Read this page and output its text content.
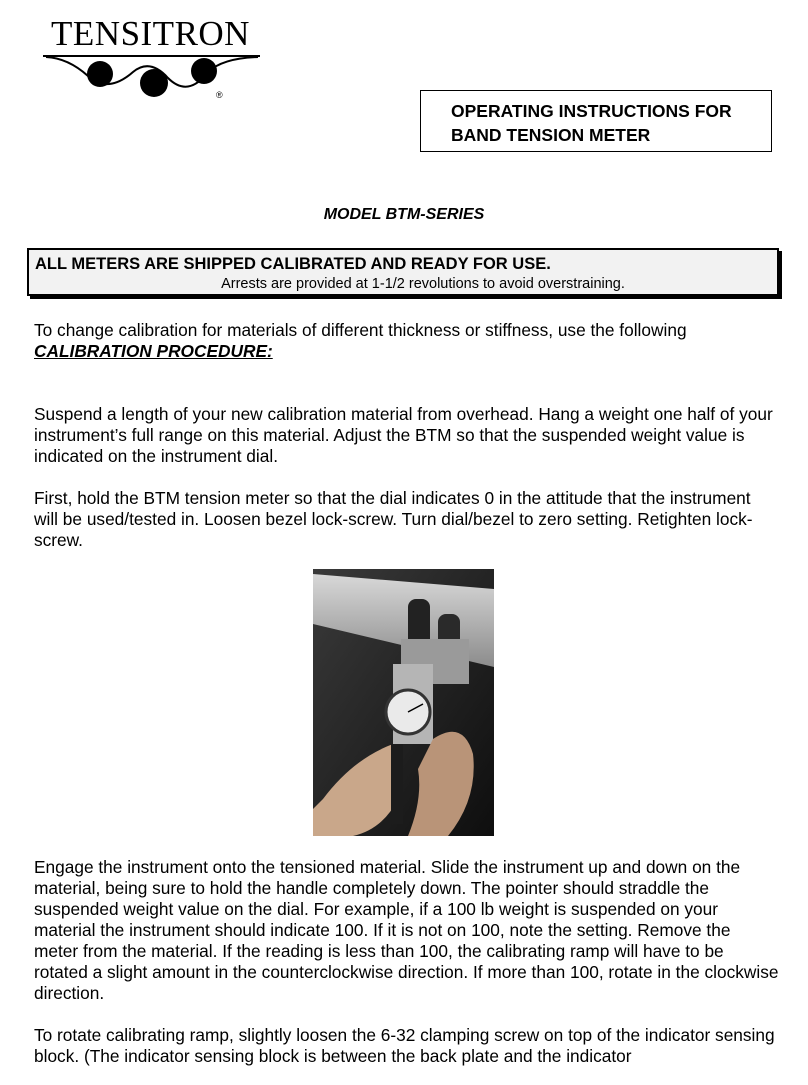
TENSITRON
®
OPERATING INSTRUCTIONS FOR
BAND TENSION METER
MODEL BTM-SERIES
ALL METERS ARE SHIPPED CALIBRATED AND READY FOR USE.
Arrests are provided at 1-1/2 revolutions to avoid overstraining.
To change calibration for materials of different thickness or stiffness, use the following
CALIBRATION PROCEDURE:
Suspend a length of your new calibration material from overhead. Hang a weight one half of your instrument’s full range on this material. Adjust the BTM so that the suspended weight value is indicated on the instrument dial.
First, hold the BTM tension meter so that the dial indicates 0 in the attitude that the instrument will be used/tested in. Loosen bezel lock-screw. Turn dial/bezel to zero setting. Retighten lock-screw.
Engage the instrument onto the tensioned material. Slide the instrument up and down on the material, being sure to hold the handle completely down. The pointer should straddle the suspended weight value on the dial. For example, if a 100 lb weight is suspended on your material the instrument should indicate 100. If it is not on 100, note the setting. Remove the meter from the material. If the reading is less than 100, the calibrating ramp will have to be rotated a slight amount in the counterclockwise direction. If more than 100, rotate in the clockwise direction.
To rotate calibrating ramp, slightly loosen the 6-32 clamping screw on top of the indicator sensing block. (The indicator sensing block is between the back plate and the indicator
